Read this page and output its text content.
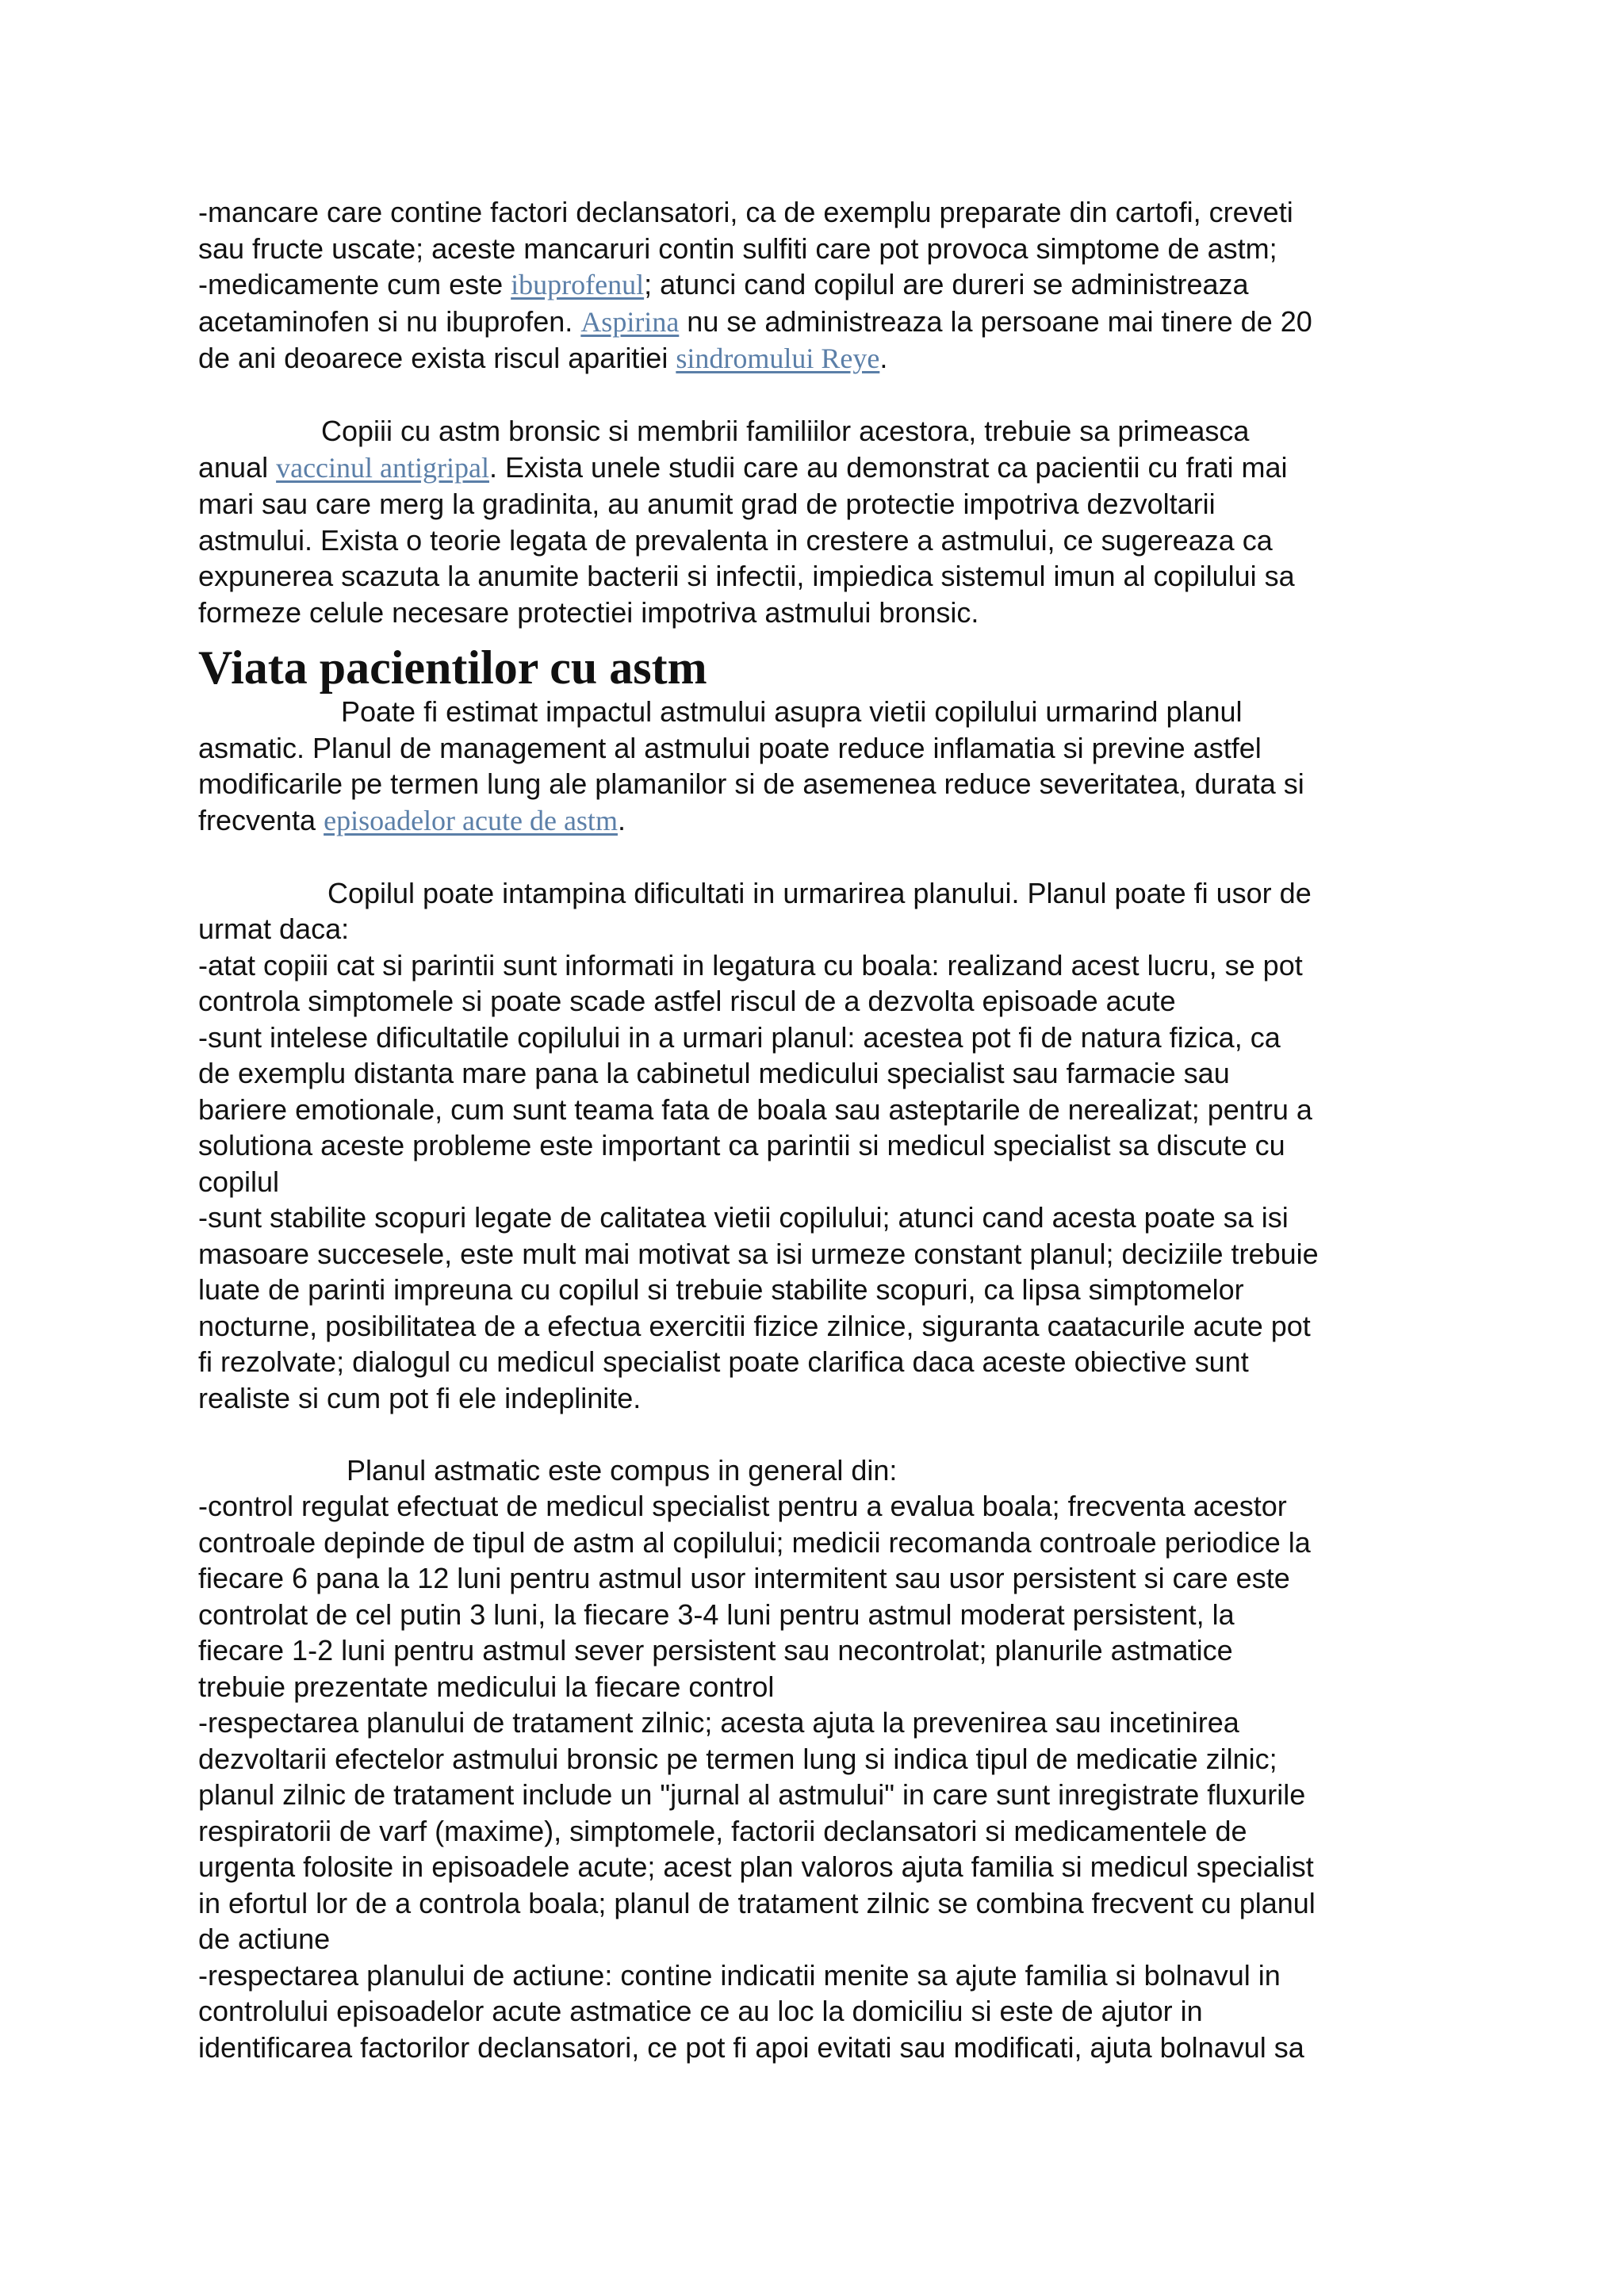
-mancare care contine factori declansatori, ca de exemplu preparate din cartofi, creveti
sau fructe uscate; aceste mancaruri contin sulfiti care pot provoca simptome de astm;
-medicamente cum este ibuprofenul; atunci cand copilul are dureri se administreaza
acetaminofen si nu ibuprofen. Aspirina nu se administreaza la persoane mai tinere de 20
de ani deoarece exista riscul aparitiei sindromului Reye.
Copiii cu astm bronsic si membrii familiilor acestora, trebuie sa primeasca
anual vaccinul antigripal. Exista unele studii care au demonstrat ca pacientii cu frati mai
mari sau care merg la gradinita, au anumit grad de protectie impotriva dezvoltarii
astmului. Exista o teorie legata de prevalenta in crestere a astmului, ce sugereaza ca
expunerea scazuta la anumite bacterii si infectii, impiedica sistemul imun al copilului sa
formeze celule necesare protectiei impotriva astmului bronsic.
Viata pacientilor cu astm
Poate fi estimat impactul astmului asupra vietii copilului urmarind planul
asmatic. Planul de management al astmului poate reduce inflamatia si previne astfel
modificarile pe termen lung ale plamanilor si de asemenea reduce severitatea, durata si
frecventa episoadelor acute de astm.
Copilul poate intampina dificultati in urmarirea planului. Planul poate fi usor de
urmat daca:
-atat copiii cat si parintii sunt informati in legatura cu boala: realizand acest lucru, se pot
controla simptomele si poate scade astfel riscul de a dezvolta episoade acute
-sunt intelese dificultatile copilului in a urmari planul: acestea pot fi de natura fizica, ca
de exemplu distanta mare pana la cabinetul medicului specialist sau farmacie sau
bariere emotionale, cum sunt teama fata de boala sau asteptarile de nerealizat; pentru a
solutiona aceste probleme este important ca parintii si medicul specialist sa discute cu
copilul
-sunt stabilite scopuri legate de calitatea vietii copilului; atunci cand acesta poate sa isi
masoare succesele, este mult mai motivat sa isi urmeze constant planul; deciziile trebuie
luate de parinti impreuna cu copilul si trebuie stabilite scopuri, ca lipsa simptomelor
nocturne, posibilitatea de a efectua exercitii fizice zilnice, siguranta caatacurile acute pot
fi rezolvate; dialogul cu medicul specialist poate clarifica daca aceste obiective sunt
realiste si cum pot fi ele indeplinite.
Planul astmatic este compus in general din:
-control regulat efectuat de medicul specialist pentru a evalua boala; frecventa acestor
controale depinde de tipul de astm al copilului; medicii recomanda controale periodice la
fiecare 6 pana la 12 luni pentru astmul usor intermitent sau usor persistent si care este
controlat de cel putin 3 luni, la fiecare 3-4 luni pentru astmul moderat persistent, la
fiecare 1-2 luni pentru astmul sever persistent sau necontrolat; planurile astmatice
trebuie prezentate medicului la fiecare control
-respectarea planului de tratament zilnic; acesta ajuta la prevenirea sau incetinirea
dezvoltarii efectelor astmului bronsic pe termen lung si indica tipul de medicatie zilnic;
planul zilnic de tratament include un "jurnal al astmului" in care sunt inregistrate fluxurile
respiratorii de varf (maxime), simptomele, factorii declansatori si medicamentele de
urgenta folosite in episoadele acute; acest plan valoros ajuta familia si medicul specialist
in efortul lor de a controla boala; planul de tratament zilnic se combina frecvent cu planul
de actiune
-respectarea planului de actiune: contine indicatii menite sa ajute familia si bolnavul in
controlului episoadelor acute astmatice ce au loc la domiciliu si este de ajutor in
identificarea factorilor declansatori, ce pot fi apoi evitati sau modificati, ajuta bolnavul sa
